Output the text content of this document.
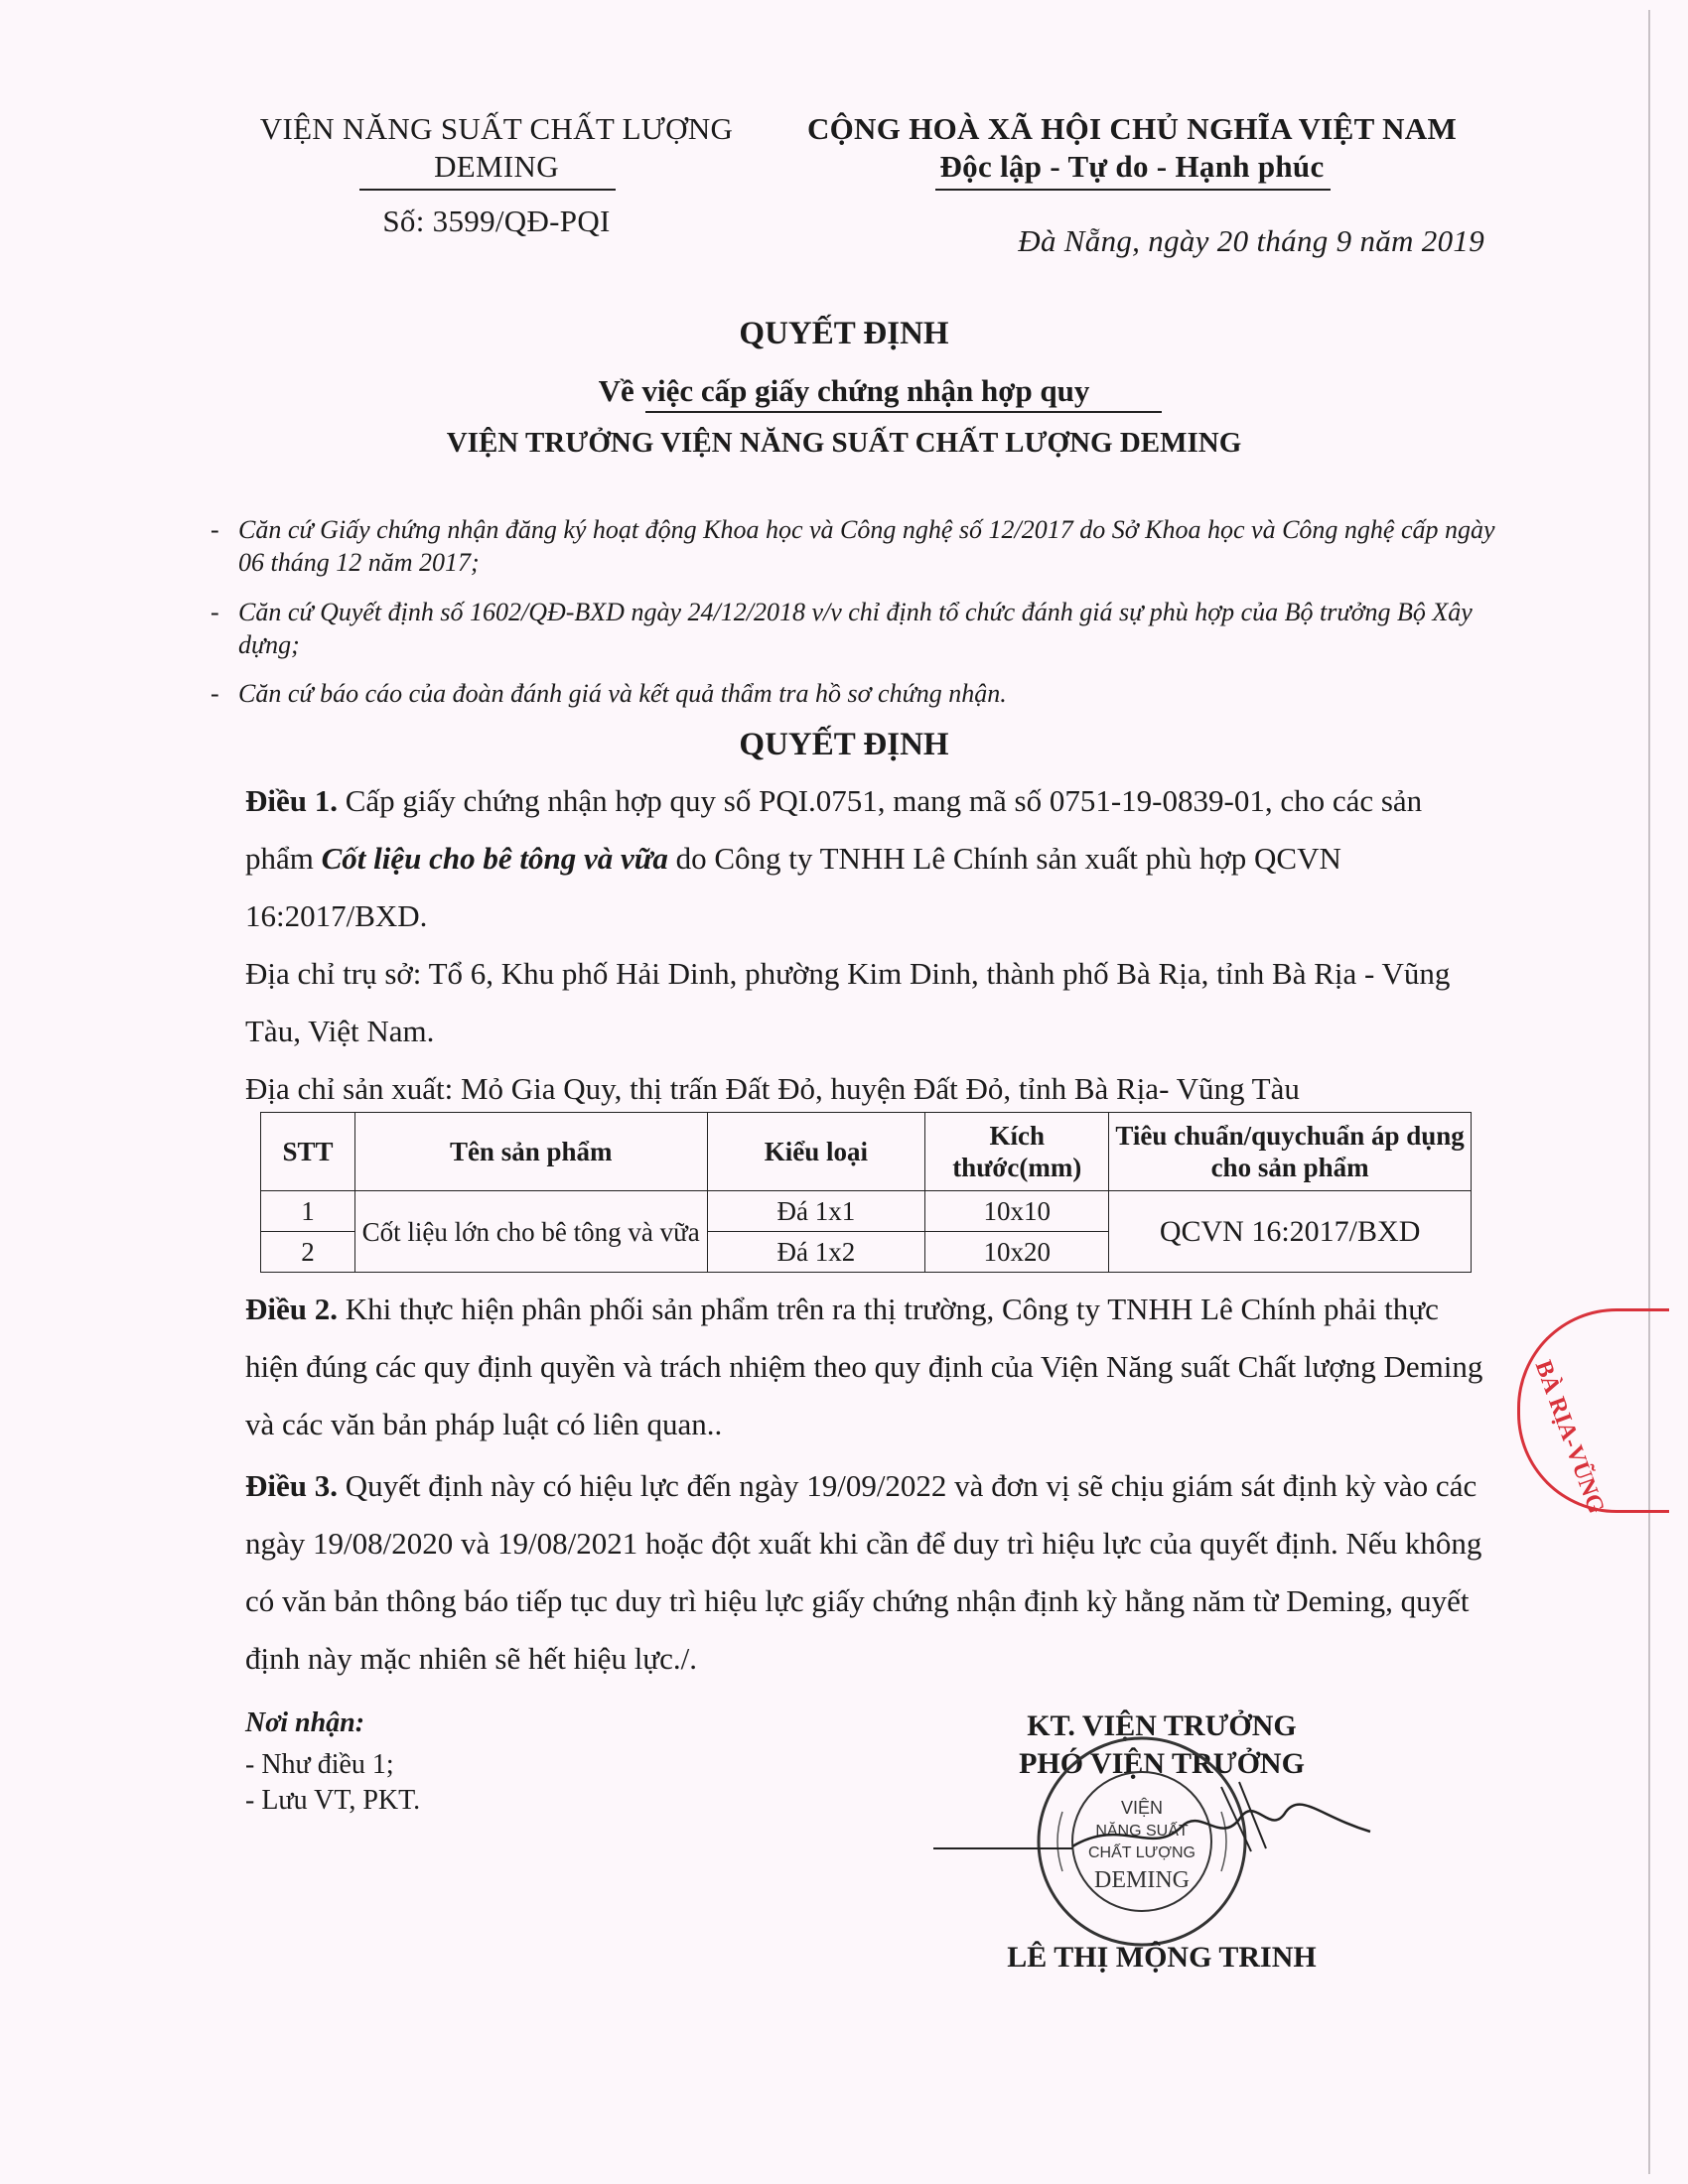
VIỆN NĂNG SUẤT CHẤT LƯỢNG
DEMING
Số: 3599/QĐ-PQI
CỘNG HOÀ XÃ HỘI CHỦ NGHĨA VIỆT NAM
Độc lập - Tự do - Hạnh phúc
Đà Nẵng, ngày 20 tháng 9 năm 2019
QUYẾT ĐỊNH
Về việc cấp giấy chứng nhận hợp quy
VIỆN TRƯỞNG VIỆN NĂNG SUẤT CHẤT LƯỢNG DEMING
- Căn cứ Giấy chứng nhận đăng ký hoạt động Khoa học và Công nghệ số 12/2017 do Sở Khoa học và Công nghệ cấp ngày 06 tháng 12 năm 2017;
- Căn cứ Quyết định số 1602/QĐ-BXD ngày 24/12/2018 v/v chỉ định tổ chức đánh giá sự phù hợp của Bộ trưởng Bộ Xây dựng;
- Căn cứ báo cáo của đoàn đánh giá và kết quả thẩm tra hồ sơ chứng nhận.
QUYẾT ĐỊNH
Điều 1. Cấp giấy chứng nhận hợp quy số PQI.0751, mang mã số 0751-19-0839-01, cho các sản phẩm Cốt liệu cho bê tông và vữa do Công ty TNHH Lê Chính sản xuất phù hợp QCVN 16:2017/BXD.
Địa chỉ trụ sở: Tổ 6, Khu phố Hải Dinh, phường Kim Dinh, thành phố Bà Rịa, tỉnh Bà Rịa - Vũng Tàu, Việt Nam.
Địa chỉ sản xuất: Mỏ Gia Quy, thị trấn Đất Đỏ, huyện Đất Đỏ, tỉnh Bà Rịa- Vũng Tàu
STT	Tên sản phẩm	Kiểu loại	Kích thước(mm)	Tiêu chuẩn/quychuẩn áp dụng cho sản phẩm
1	Cốt liệu lớn cho bê tông và vữa	Đá 1x1	10x10	QCVN 16:2017/BXD
2		Đá 1x2	10x20	
Điều 2. Khi thực hiện phân phối sản phẩm trên ra thị trường, Công ty TNHH Lê Chính phải thực hiện đúng các quy định quyền và trách nhiệm theo quy định của Viện Năng suất Chất lượng Deming và các văn bản pháp luật có liên quan..
Điều 3. Quyết định này có hiệu lực đến ngày 19/09/2022 và đơn vị sẽ chịu giám sát định kỳ vào các ngày 19/08/2020 và 19/08/2021 hoặc đột xuất khi cần để duy trì hiệu lực của quyết định. Nếu không có văn bản thông báo tiếp tục duy trì hiệu lực giấy chứng nhận định kỳ hằng năm từ Deming, quyết định này mặc nhiên sẽ hết hiệu lực./.
Nơi nhận:
- Như điều 1;
- Lưu VT, PKT.
KT. VIỆN TRƯỞNG
PHÓ VIỆN TRƯỞNG
VIỆN
NĂNG SUẤT
CHẤT LƯỢNG
DEMING
LÊ THỊ MỘNG TRINH
BÀ RỊA-VŨNG
